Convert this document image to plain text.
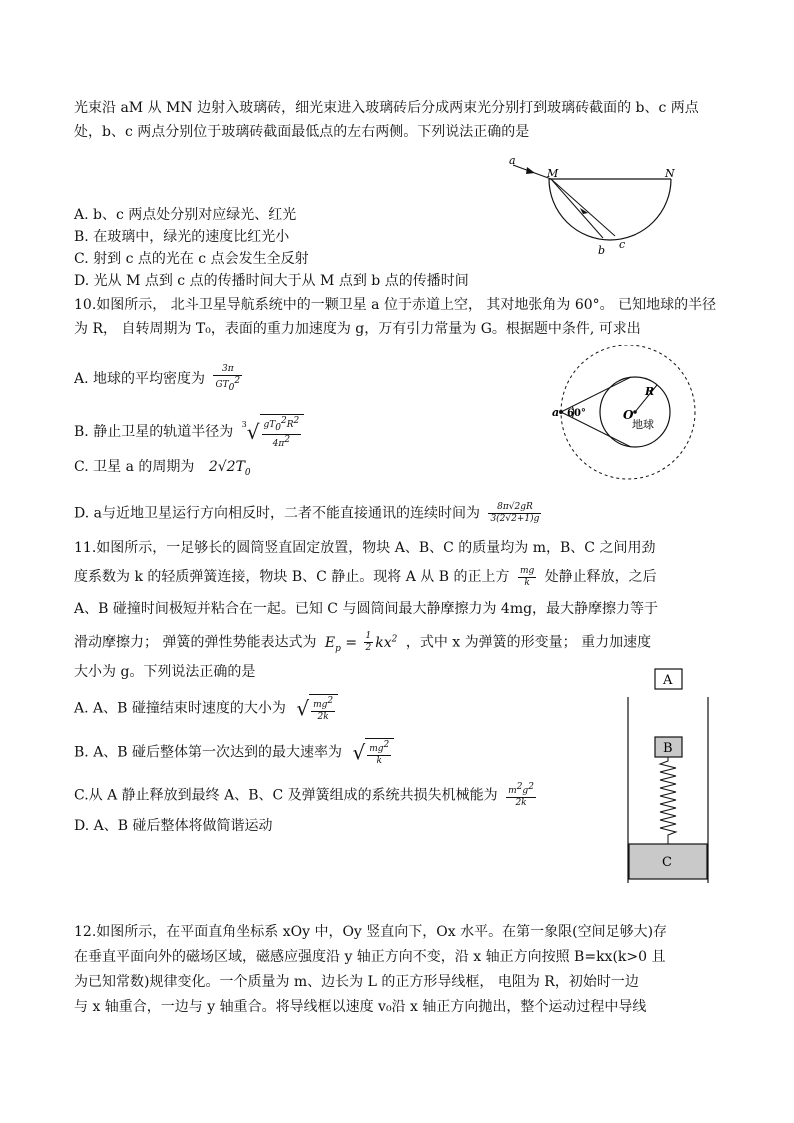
光束沿 aM 从 MN 边射入玻璃砖，细光束进入玻璃砖后分成两束光分别打到玻璃砖截面的 b、c 两点处，b、c 两点分别位于玻璃砖截面最低点的左右两侧。下列说法正确的是

a
M	N
b c
A. b、c 两点处分别对应绿光、红光
B. 在玻璃中，绿光的速度比红光小
C. 射到 c 点的光在 c 点会发生全反射
D. 光从 M 点到 c 点的传播时间大于从 M 点到 b 点的传播时间

10.如图所示， 北斗卫星导航系统中的一颗卫星 a 位于赤道上空， 其对地张角为 60°。 已知地球的半径为 R， 自转周期为 T₀，表面的重力加速度为 g，万有引力常量为 G。根据题中条件, 可求出

A. 地球的平均密度为 $\frac{3\pi}{GT_0^2}$
B. 静止卫星的轨道半径为 $^3√ \frac{gT_0^2R^2}{4\pi^2}$
C. 卫星 a 的周期为 $2√2T_0$
D. a与近地卫星运行方向相反时，二者不能直接通讯的连续时间为 $\frac{8\pi√2gR}{3(2√2+1)g}$
a 60°
R
O
地球
11.如图所示，一足够长的圆筒竖直固定放置，物块 A、B、C 的质量均为 m，B、C 之间用劲
度系数为 k 的轻质弹簧连接，物块 B、C 静止。现将 A 从 B 的正上方 $\frac{mg}{k}$ 处静止释放，之后
A、B 碰撞时间极短并粘合在一起。已知 C 与圆筒间最大静摩擦力为 4mg，最大静摩擦力等于
滑动摩擦力； 弹簧的弹性势能表达式为 $E_p = \frac{1}{2} kx^2$ ，式中 x 为弹簧的形变量； 重力加速度
大小为 g。下列说法正确的是
A. A、B 碰撞结束时速度的大小为 √ $\frac{mg^2}{2k}$
B. A、B 碰后整体第一次达到的最大速率为 √ $\frac{mg^2}{k}$
C.从 A 静止释放到最终 A、B、C 及弹簧组成的系统共损失机械能为 $\frac{m^2g^2}{2k}$
D. A、B 碰后整体将做简谐运动
A
B
C
12.如图所示，在平面直角坐标系 xOy 中，Oy 竖直向下，Ox 水平。在第一象限(空间足够大)存
在垂直平面向外的磁场区域，磁感应强度沿 y 轴正方向不变，沿 x 轴正方向按照 B=kx(k>0 且
为已知常数)规律变化。一个质量为 m、边长为 L 的正方形导线框， 电阻为 R，初始时一边
与 x 轴重合，一边与 y 轴重合。将导线框以速度 v₀沿 x 轴正方向抛出，整个运动过程中导线
